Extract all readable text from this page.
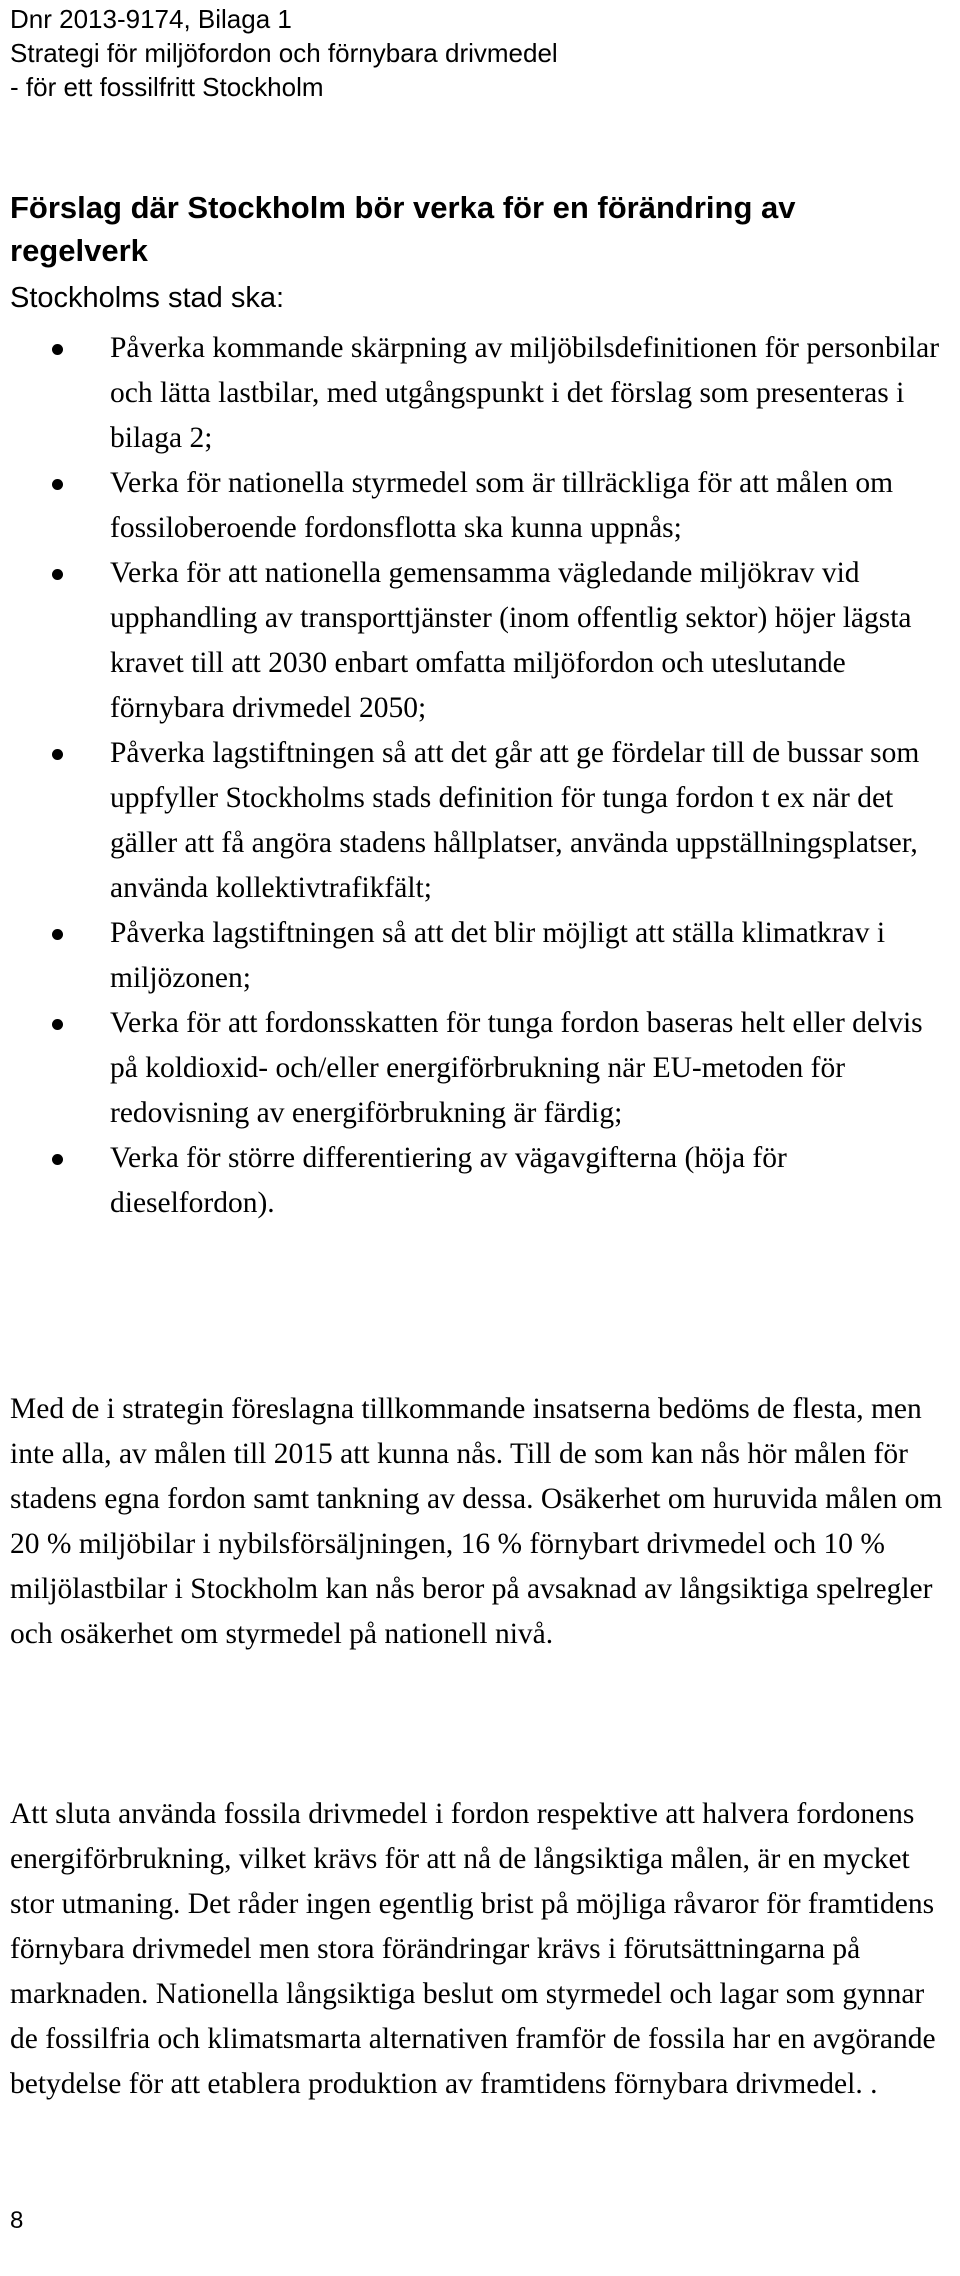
Dnr 2013-9174, Bilaga 1
Strategi för miljöfordon och förnybara drivmedel
- för ett fossilfritt Stockholm
Förslag där Stockholm bör verka för en förändring av regelverk
Stockholms stad ska:
Påverka kommande skärpning av miljöbilsdefinitionen för personbilar och lätta lastbilar, med utgångspunkt i det förslag som presenteras i bilaga 2;
Verka för nationella styrmedel som är tillräckliga för att målen om fossiloberoende fordonsflotta ska kunna uppnås;
Verka för att nationella gemensamma vägledande miljökrav vid upphandling av transporttjänster (inom offentlig sektor) höjer lägsta kravet till att 2030 enbart omfatta miljöfordon och uteslutande förnybara drivmedel 2050;
Påverka lagstiftningen så att det går att ge fördelar till de bussar som uppfyller Stockholms stads definition för tunga fordon t ex när det gäller att få angöra stadens hållplatser, använda uppställningsplatser, använda kollektivtrafikfält;
Påverka lagstiftningen så att det blir möjligt att ställa klimatkrav i miljözonen;
Verka för att fordonsskatten för tunga fordon baseras helt eller delvis på koldioxid- och/eller energiförbrukning när EU-metoden för redovisning av energiförbrukning är färdig;
Verka för större differentiering av vägavgifterna (höja för dieselfordon).

Med de i strategin föreslagna tillkommande insatserna bedöms de flesta, men inte alla, av målen till 2015 att kunna nås. Till de som kan nås hör målen för stadens egna fordon samt tankning av dessa. Osäkerhet om huruvida målen om 20 % miljöbilar i nybilsförsäljningen, 16 % förnybart drivmedel och 10 % miljölastbilar i Stockholm kan nås beror på avsaknad av långsiktiga spelregler och osäkerhet om styrmedel på nationell nivå.

Att sluta använda fossila drivmedel i fordon respektive att halvera fordonens energiförbrukning, vilket krävs för att nå de långsiktiga målen, är en mycket stor utmaning. Det råder ingen egentlig brist på möjliga råvaror för framtidens förnybara drivmedel men stora förändringar krävs i förutsättningarna på marknaden. Nationella långsiktiga beslut om styrmedel och lagar som gynnar de fossilfria och klimatsmarta alternativen framför de fossila har en avgörande betydelse för att etablera produktion av framtidens förnybara drivmedel. .

8
